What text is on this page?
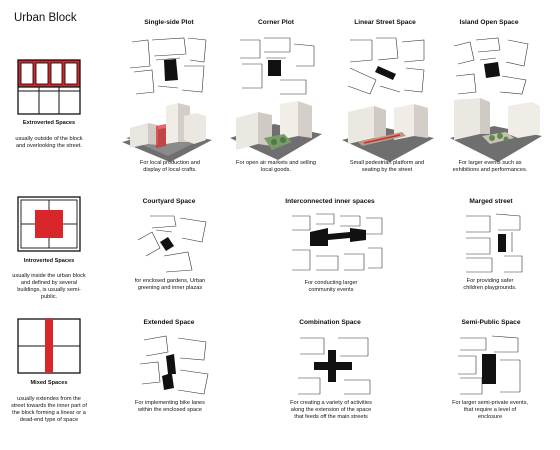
Urban Block
Extroverted Spaces
usually outside of the block and overlooking the street.
Introverted Spaces
usually inside the urban block and defined by several buildings, is usually semi-public.
Mixed Spaces
usually extendes from the street towards the inner part of the block forming a linear or a dead-end type of space
Single-side Plot	Corner Plot	Linear Street Space	Island Open Space
For local production and display of local crafts.
For open air markets and selling local goods.
Small pedestrian platform and seating by the street
For larger events such as exhibitions and performances.
Courtyard Space	Interconnected inner spaces	Marged street
for enclosed gardens, Urban greening and inner plazas
For conducting larger community events
For providing safer children playgrounds.
Extended Space	Combination Space	Semi-Public Space
For implementing bike lanes within the enclosed space
For creating a variety of activities along the extension of the space that feeds off the main streets
For larger semi-private events, that require a level of enclosure
